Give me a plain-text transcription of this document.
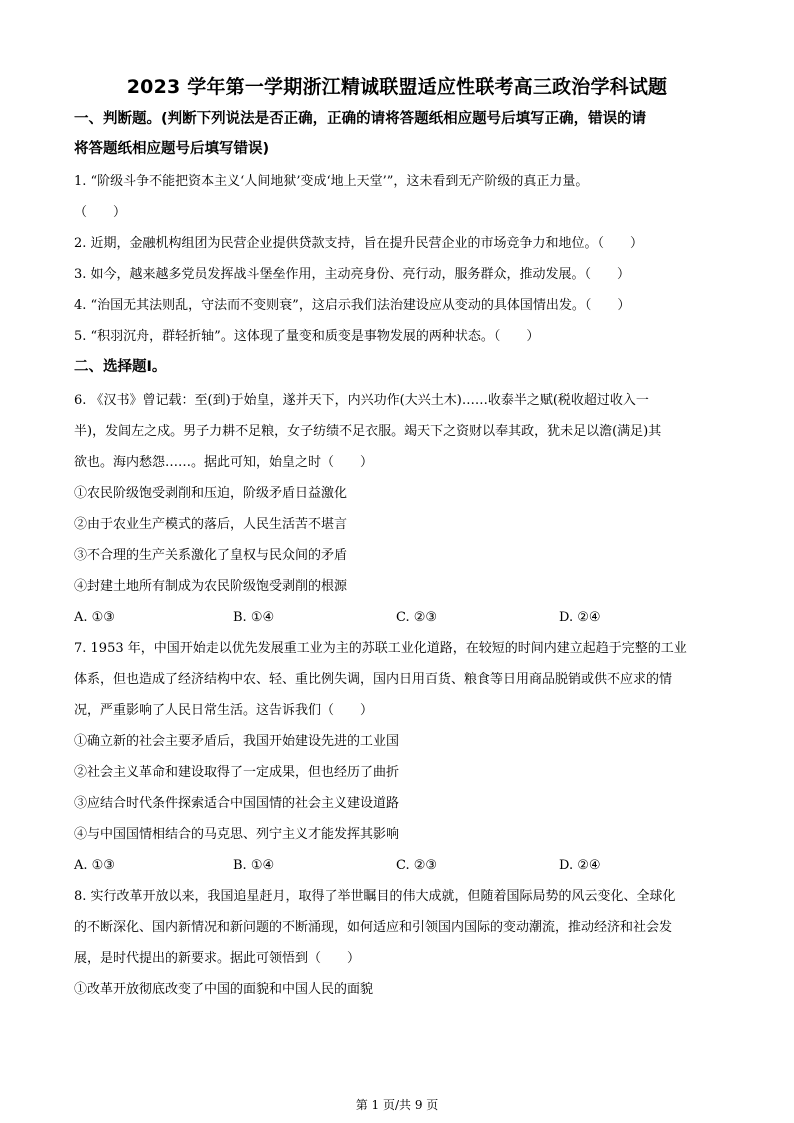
2023 学年第一学期浙江精诚联盟适应性联考高三政治学科试题
一、判断题。(判断下列说法是否正确，正确的请将答题纸相应题号后填写正确，错误的请
将答题纸相应题号后填写错误)
1. “阶级斗争不能把资本主义‘人间地狱’变成‘地上天堂’”，这未看到无产阶级的真正力量。
（　　）
2. 近期，金融机构组团为民营企业提供贷款支持，旨在提升民营企业的市场竞争力和地位。（　　）
3. 如今，越来越多党员发挥战斗堡垒作用，主动亮身份、亮行动，服务群众，推动发展。（　　）
4. “治国无其法则乱，守法而不变则衰”，这启示我们法治建设应从变动的具体国情出发。（　　）
5. “积羽沉舟，群轻折轴”。这体现了量变和质变是事物发展的两种状态。（　　）
二、选择题Ⅰ。
6. 《汉书》曾记载：至(到)于始皇，遂并天下，内兴功作(大兴土木)……收泰半之赋(税收超过收入一
半)，发闾左之戍。男子力耕不足粮，女子纺绩不足衣服。竭天下之资财以奉其政，犹未足以澹(满足)其
欲也。海内愁怨……。据此可知，始皇之时（　　）
①农民阶级饱受剥削和压迫，阶级矛盾日益激化
②由于农业生产模式的落后，人民生活苦不堪言
③不合理的生产关系激化了皇权与民众间的矛盾
④封建土地所有制成为农民阶级饱受剥削的根源
A. ①③	B. ①④	C. ②③	D. ②④
7. 1953 年，中国开始走以优先发展重工业为主的苏联工业化道路，在较短的时间内建立起趋于完整的工业
体系，但也造成了经济结构中农、轻、重比例失调，国内日用百货、粮食等日用商品脱销或供不应求的情
况，严重影响了人民日常生活。这告诉我们（　　）
①确立新的社会主要矛盾后，我国开始建设先进的工业国
②社会主义革命和建设取得了一定成果，但也经历了曲折
③应结合时代条件探索适合中国国情的社会主义建设道路
④与中国国情相结合的马克思、列宁主义才能发挥其影响
A. ①③	B. ①④	C. ②③	D. ②④
8. 实行改革开放以来，我国追星赶月，取得了举世瞩目的伟大成就，但随着国际局势的风云变化、全球化
的不断深化、国内新情况和新问题的不断涌现，如何适应和引领国内国际的变动潮流，推动经济和社会发
展，是时代提出的新要求。据此可领悟到（　　）
①改革开放彻底改变了中国的面貌和中国人民的面貌
第 1 页/共 9 页
